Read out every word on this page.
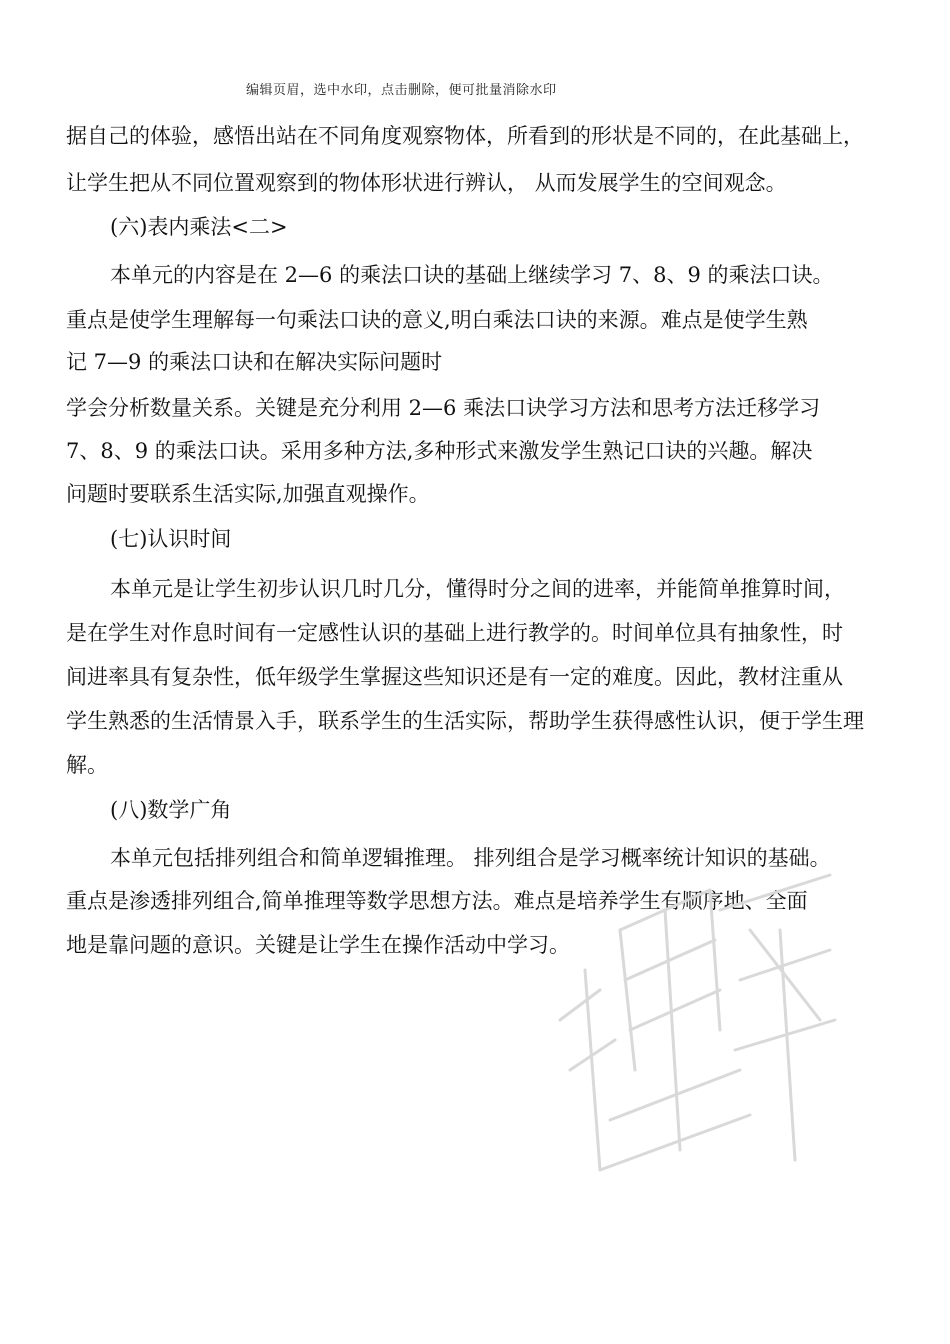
编辑页眉，选中水印，点击删除，便可批量消除水印
据自己的体验，感悟出站在不同角度观察物体，所看到的形状是不同的，在此基础上，
让学生把从不同位置观察到的物体形状进行辨认， 从而发展学生的空间观念。
(六)表内乘法<二>
本单元的内容是在 2—6 的乘法口诀的基础上继续学习 7、8、9 的乘法口诀。
重点是使学生理解每一句乘法口诀的意义,明白乘法口诀的来源。难点是使学生熟
记 7—9 的乘法口诀和在解决实际问题时
学会分析数量关系。关键是充分利用 2—6 乘法口诀学习方法和思考方法迁移学习
7、8、9 的乘法口诀。采用多种方法,多种形式来激发学生熟记口诀的兴趣。解决
问题时要联系生活实际,加强直观操作。
(七)认识时间
本单元是让学生初步认识几时几分，懂得时分之间的进率，并能简单推算时间，
是在学生对作息时间有一定感性认识的基础上进行教学的。时间单位具有抽象性，时
间进率具有复杂性，低年级学生掌握这些知识还是有一定的难度。因此，教材注重从
学生熟悉的生活情景入手，联系学生的生活实际，帮助学生获得感性认识，便于学生理
解。
(八)数学广角
本单元包括排列组合和简单逻辑推理。 排列组合是学习概率统计知识的基础。
重点是渗透排列组合,简单推理等数学思想方法。难点是培养学生有顺序地、全面
地是靠问题的意识。关键是让学生在操作活动中学习。
